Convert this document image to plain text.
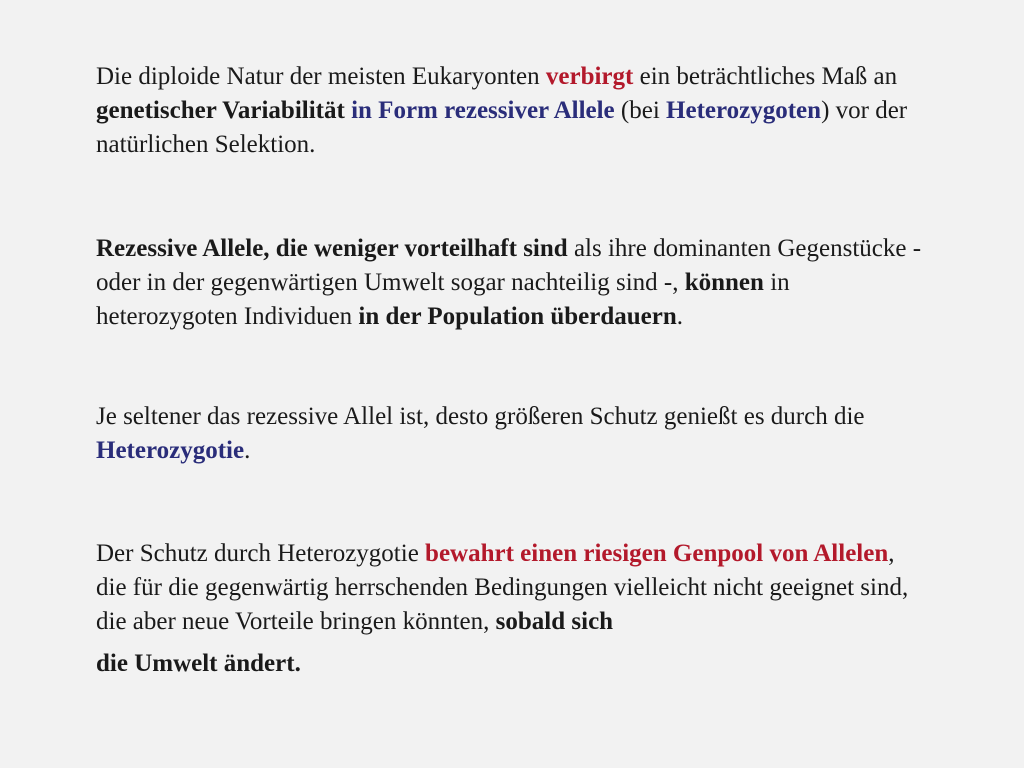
Die diploide Natur der meisten Eukaryonten verbirgt ein beträchtliches Maß an genetischer Variabilität in Form rezessiver Allele (bei Heterozygoten) vor der natürlichen Selektion.

Rezessive Allele, die weniger vorteilhaft sind als ihre dominanten Gegenstücke - oder in der gegenwärtigen Umwelt sogar nachteilig sind -, können in heterozygoten Individuen in der Population überdauern.

Je seltener das rezessive Allel ist, desto größeren Schutz genießt es durch die Heterozygotie.

Der Schutz durch Heterozygotie bewahrt einen riesigen Genpool von Allelen, die für die gegenwärtig herrschenden Bedingungen vielleicht nicht geeignet sind, die aber neue Vorteile bringen könnten, sobald sich
die Umwelt ändert.
